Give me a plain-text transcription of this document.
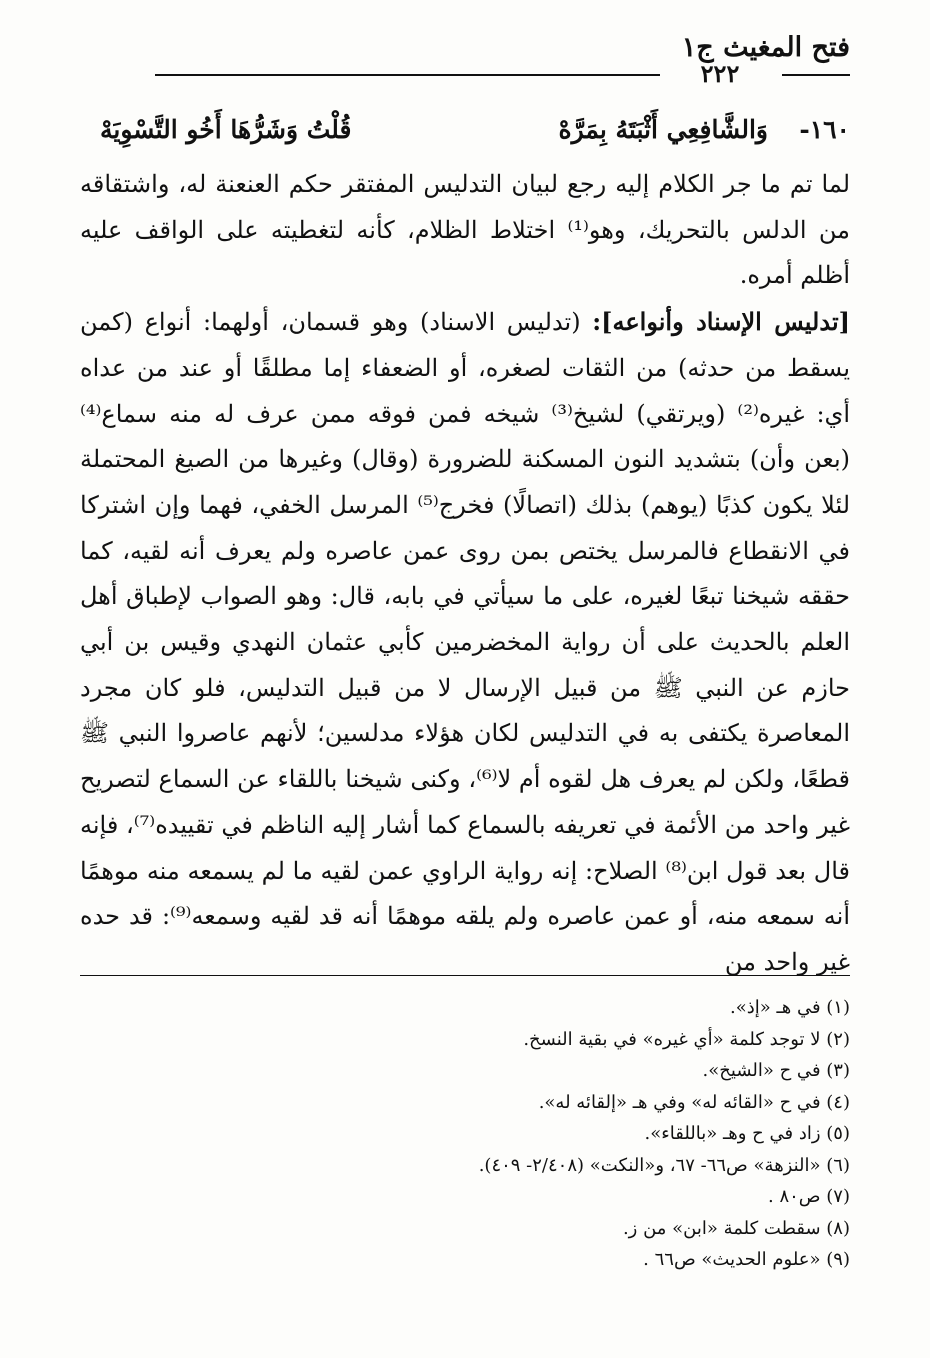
فتح المغيث ج١
٢٢٢
١٦٠-
وَالشَّافِعِي أَثْبَتَهُ بِمَرَّهْ
قُلْتُ وَشَرُّهَا أَخُو التَّسْوِيَهْ

لما تم ما جر الكلام إليه رجع لبيان التدليس المفتقر حكم العنعنة له، واشتقاقه من الدلس بالتحريك، وهو⁽¹⁾ اختلاط الظلام، كأنه لتغطيته على الواقف عليه أظلم أمره.

[تدليس الإسناد وأنواعه]: (تدليس الاسناد) وهو قسمان، أولهما: أنواع (كمن يسقط من حدثه) من الثقات لصغره، أو الضعفاء إما مطلقًا أو عند من عداه أي: غيره⁽²⁾ (ويرتقي) لشيخ⁽³⁾ شيخه فمن فوقه ممن عرف له منه سماع⁽⁴⁾ (بعن وأن) بتشديد النون المسكنة للضرورة (وقال) وغيرها من الصيغ المحتملة لئلا يكون كذبًا (يوهم) بذلك (اتصالًا) فخرج⁽⁵⁾ المرسل الخفي، فهما وإن اشتركا في الانقطاع فالمرسل يختص بمن روى عمن عاصره ولم يعرف أنه لقيه، كما حققه شيخنا تبعًا لغيره، على ما سيأتي في بابه، قال: وهو الصواب لإطباق أهل العلم بالحديث على أن رواية المخضرمين كأبي عثمان النهدي وقيس بن أبي حازم عن النبي ﷺ من قبيل الإرسال لا من قبيل التدليس، فلو كان مجرد المعاصرة يكتفى به في التدليس لكان هؤلاء مدلسين؛ لأنهم عاصروا النبي ﷺ قطعًا، ولكن لم يعرف هل لقوه أم لا⁽⁶⁾، وكنى شيخنا باللقاء عن السماع لتصريح غير واحد من الأئمة في تعريفه بالسماع كما أشار إليه الناظم في تقييده⁽⁷⁾، فإنه قال بعد قول ابن⁽⁸⁾ الصلاح: إنه رواية الراوي عمن لقيه ما لم يسمعه منه موهمًا أنه سمعه منه، أو عمن عاصره ولم يلقه موهمًا أنه قد لقيه وسمعه⁽⁹⁾: قد حده غير واحد من

(١) في هـ «إذ».
(٢) لا توجد كلمة «أي غيره» في بقية النسخ.
(٣) في ح «الشيخ».
(٤) في ح «القائه له» وفي هـ «إلقائه له».
(٥) زاد في ح وهـ «باللقاء».
(٦) «النزهة» ص٦٦- ٦٧، و«النكت» (٢/٤٠٨- ٤٠٩).
(٧) ص٨٠ .
(٨) سقطت كلمة «ابن» من ز.
(٩) «علوم الحديث» ص٦٦ .
